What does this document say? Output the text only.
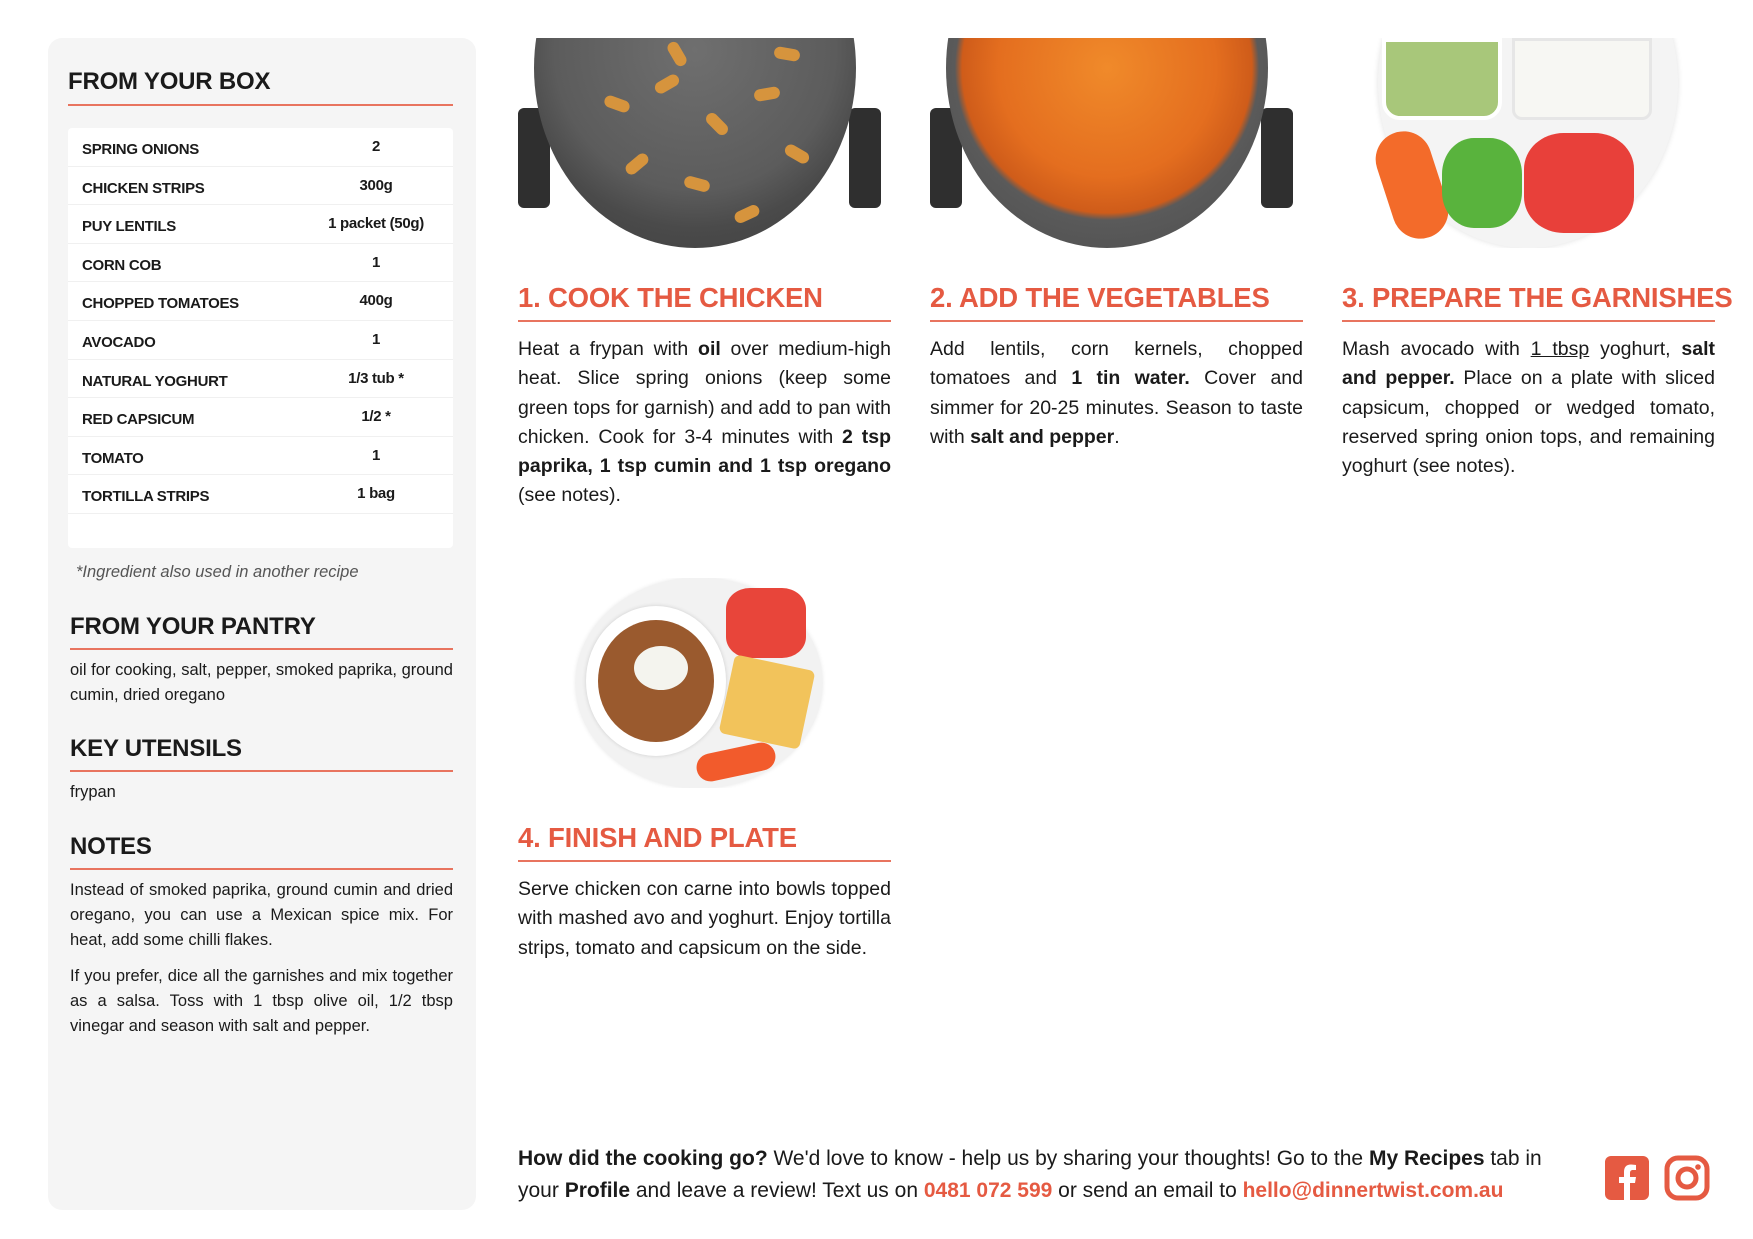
FROM YOUR BOX
SPRING ONIONS	2
CHICKEN STRIPS	300g
PUY LENTILS	1 packet (50g)
CORN COB	1
CHOPPED TOMATOES	400g
AVOCADO	1
NATURAL YOGHURT	1/3 tub *
RED CAPSICUM	1/2 *
TOMATO	1
TORTILLA STRIPS	1 bag
*Ingredient also used in another recipe
FROM YOUR PANTRY
oil for cooking, salt, pepper, smoked paprika, ground cumin, dried oregano
KEY UTENSILS
frypan
NOTES
Instead of smoked paprika, ground cumin and dried oregano, you can use a Mexican spice mix. For heat, add some chilli flakes.
If you prefer, dice all the garnishes and mix together as a salsa. Toss with 1 tbsp olive oil, 1/2 tbsp vinegar and season with salt and pepper.
1. COOK THE CHICKEN
Heat a frypan with oil over medium-high heat. Slice spring onions (keep some green tops for garnish) and add to pan with chicken. Cook for 3-4 minutes with 2 tsp paprika, 1 tsp cumin and 1 tsp oregano (see notes).
2. ADD THE VEGETABLES
Add lentils, corn kernels, chopped tomatoes and 1 tin water. Cover and simmer for 20-25 minutes. Season to taste with salt and pepper.
3. PREPARE THE GARNISHES
Mash avocado with 1 tbsp yoghurt, salt and pepper. Place on a plate with sliced capsicum, chopped or wedged tomato, reserved spring onion tops, and remaining yoghurt (see notes).
4. FINISH AND PLATE
Serve chicken con carne into bowls topped with mashed avo and yoghurt. Enjoy tortilla strips, tomato and capsicum on the side.
How did the cooking go? We'd love to know - help us by sharing your thoughts! Go to the My Recipes tab in your Profile and leave a review! Text us on 0481 072 599 or send an email to hello@dinnertwist.com.au
